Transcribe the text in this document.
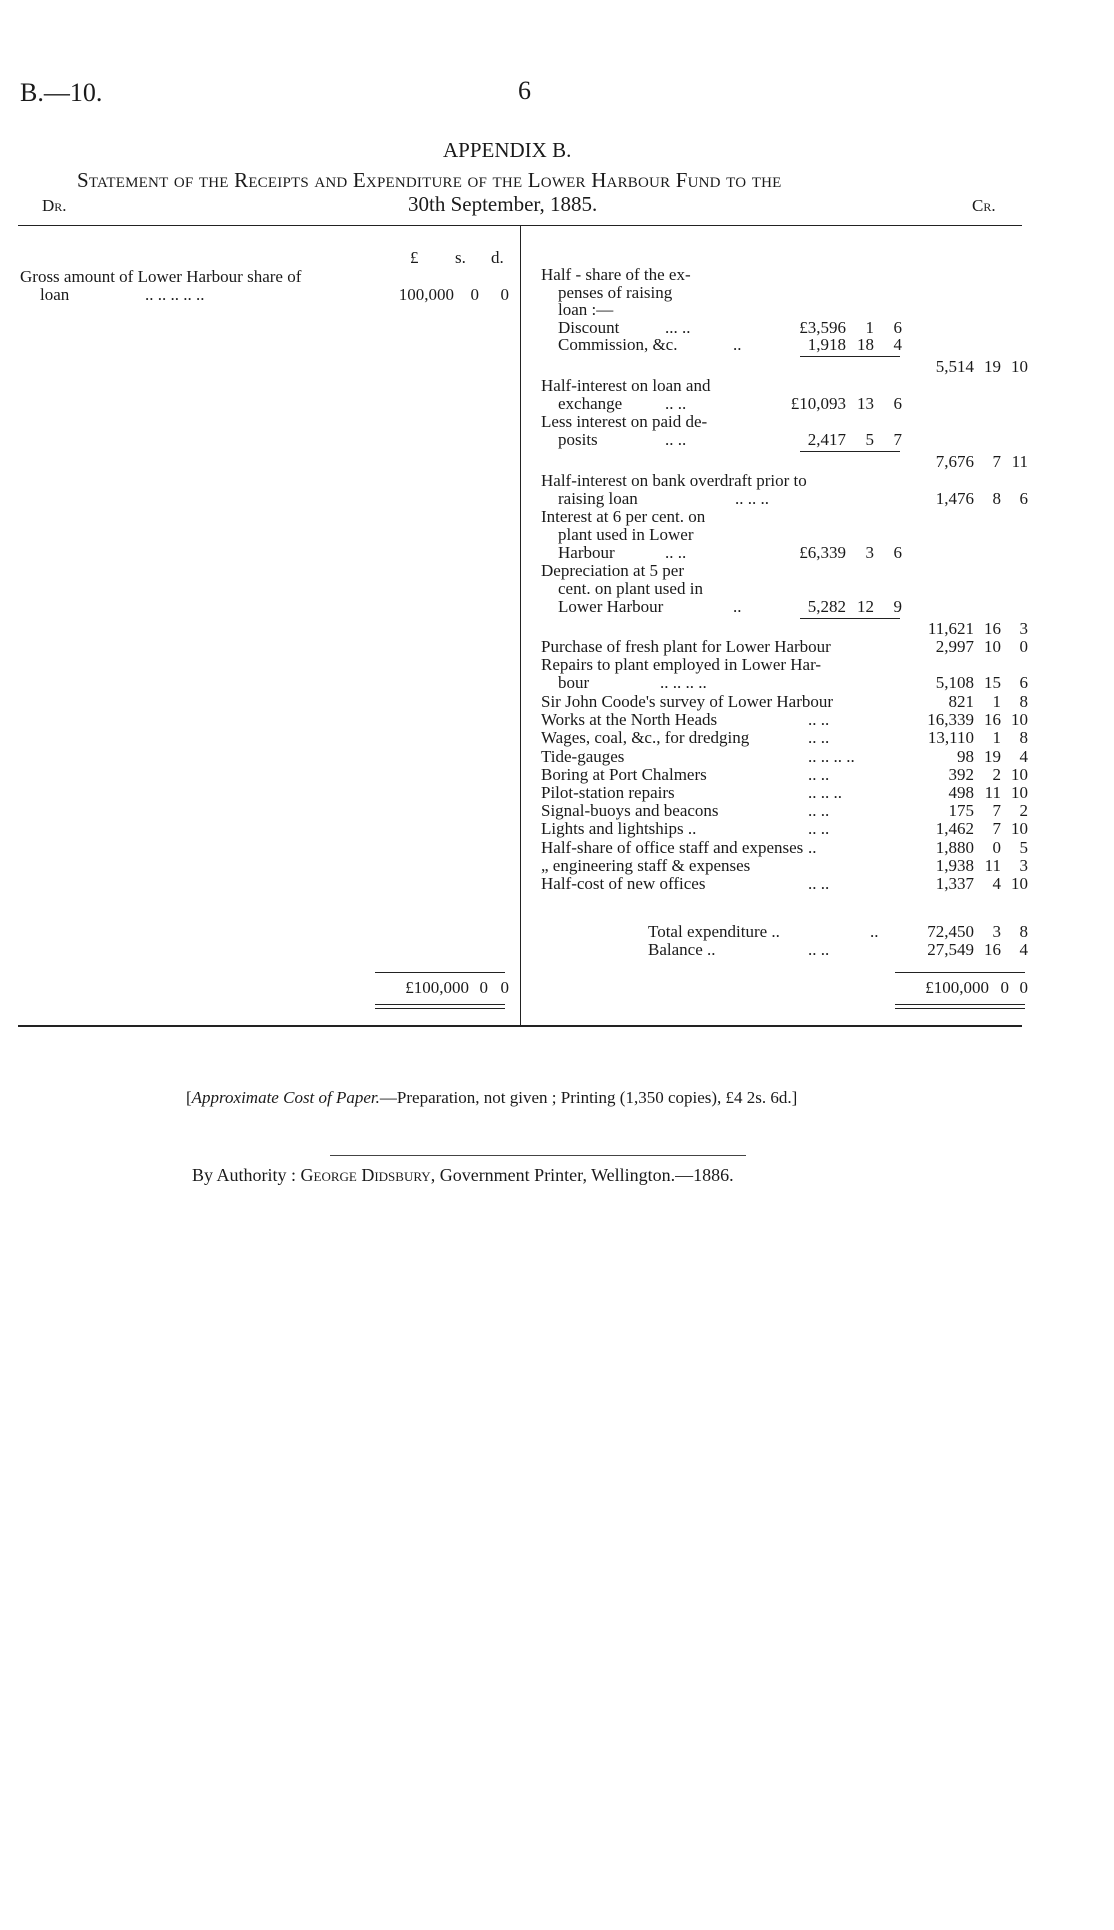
B.—10.	6
APPENDIX B.
Statement of the Receipts and Expenditure of the Lower Harbour Fund to the
Dr.	30th September, 1885.	Cr.
£ s. d.
Gross amount of Lower Harbour share of
loan	.. .. .. .. ..	100,000 0 0
£100,000 0 0
Half - share of the ex-
penses of raising
loan :—
Discount	... ..	£3,596 1 6
Commission, &c.	..	1,918 18 4
5,514 19 10
Half-interest on loan and
exchange	.. ..	£10,093 13 6
Less interest on paid de-
posits	.. ..	2,417 5 7
7,676 7 11
Half-interest on bank overdraft prior to
raising loan	.. .. ..	1,476 8 6
Interest at 6 per cent. on
plant used in Lower
Harbour	.. ..	£6,339 3 6
Depreciation at 5 per
cent. on plant used in
Lower Harbour	..	5,282 12 9
11,621 16 3
Purchase of fresh plant for Lower Harbour	2,997 10 0
Repairs to plant employed in Lower Har-
bour	.. .. .. ..	5,108 15 6
Sir John Coode's survey of Lower Harbour	821 1 8
Works at the North Heads	.. ..	16,339 16 10
Wages, coal, &c., for dredging	.. ..	13,110 1 8
Tide-gauges	.. .. .. ..	98 19 4
Boring at Port Chalmers	.. ..	392 2 10
Pilot-station repairs	.. .. ..	498 11 10
Signal-buoys and beacons	.. ..	175 7 2
Lights and lightships ..	.. ..	1,462 7 10
Half-share of office staff and expenses ..	1,880 0 5
„ engineering staff & expenses	1,938 11 3
Half-cost of new offices	.. ..	1,337 4 10
Total expenditure ..	..	72,450 3 8
Balance ..	.. ..	27,549 16 4
£100,000 0 0
[Approximate Cost of Paper.—Preparation, not given ; Printing (1,350 copies), £4 2s. 6d.]
By Authority : George Didsbury, Government Printer, Wellington.—1886.
